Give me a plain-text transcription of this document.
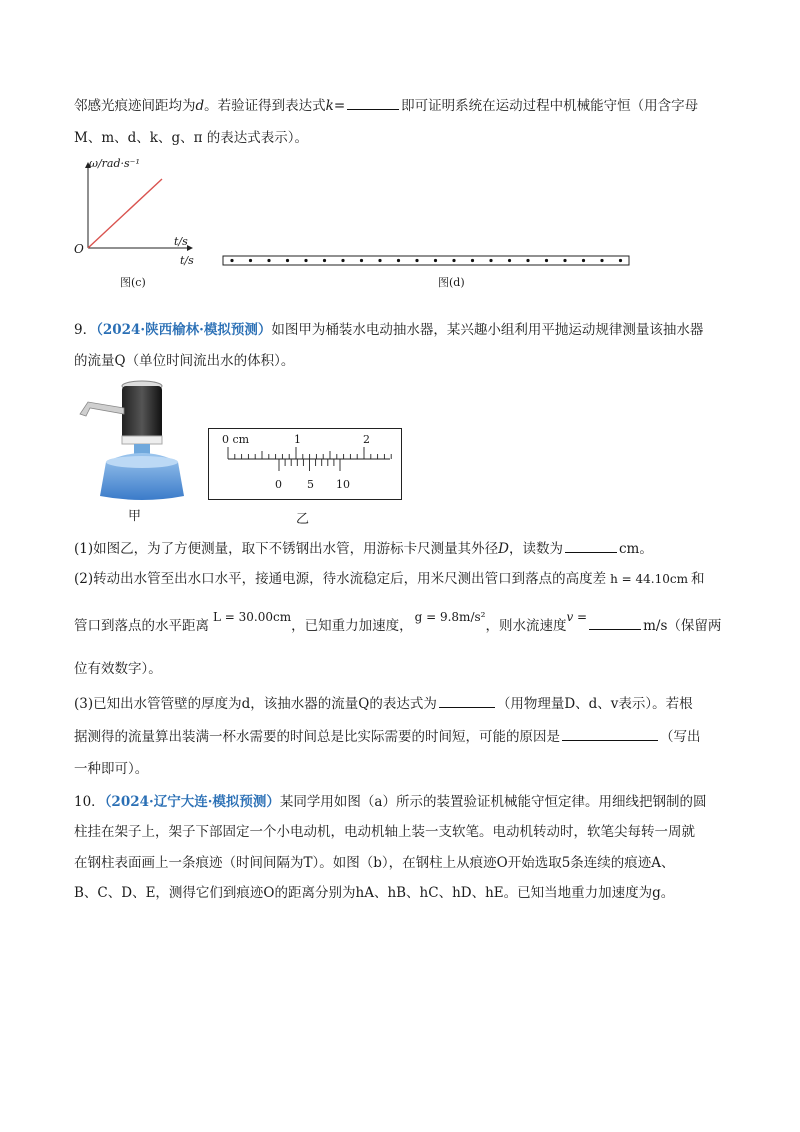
邻感光痕迹间距均为d。若验证得到表达式k=	即可证明系统在运动过程中机械能守恒（用含字母
M、m、d、k、g、π 的表达式表示）。
ω/rad·s⁻¹
t/s
t/s
O
图(c)	图(d)
9．（2024·陕西榆林·模拟预测）如图甲为桶装水电动抽水器，某兴趣小组利用平抛运动规律测量该抽水器
的流量Q（单位时间流出水的体积）。
甲
0 cm	1	2
0 5 10
乙
(1)如图乙，为了方便测量，取下不锈钢出水管，用游标卡尺测量其外径D，读数为	cm。
(2)转动出水管至出水口水平，接通电源，待水流稳定后，用米尺测出管口到落点的高度差 h = 44.10cm 和
管口到落点的水平距离L = 30.00cm，已知重力加速度，g = 9.8m/s²，则水流速度v =m/s（保留两
位有效数字）。
(3)已知出水管管壁的厚度为d，该抽水器的流量Q的表达式为	（用物理量D、d、v表示）。若根
据测得的流量算出装满一杯水需要的时间总是比实际需要的时间短，可能的原因是	（写出
一种即可）。
10．（2024·辽宁大连·模拟预测）某同学用如图（a）所示的装置验证机械能守恒定律。用细线把钢制的圆
柱挂在架子上，架子下部固定一个小电动机，电动机轴上装一支软笔。电动机转动时，软笔尖每转一周就
在钢柱表面画上一条痕迹（时间间隔为T）。如图（b），在钢柱上从痕迹O开始选取5条连续的痕迹A、
B、C、D、E，测得它们到痕迹O的距离分别为hA、hB、hC、hD、hE。已知当地重力加速度为g。
